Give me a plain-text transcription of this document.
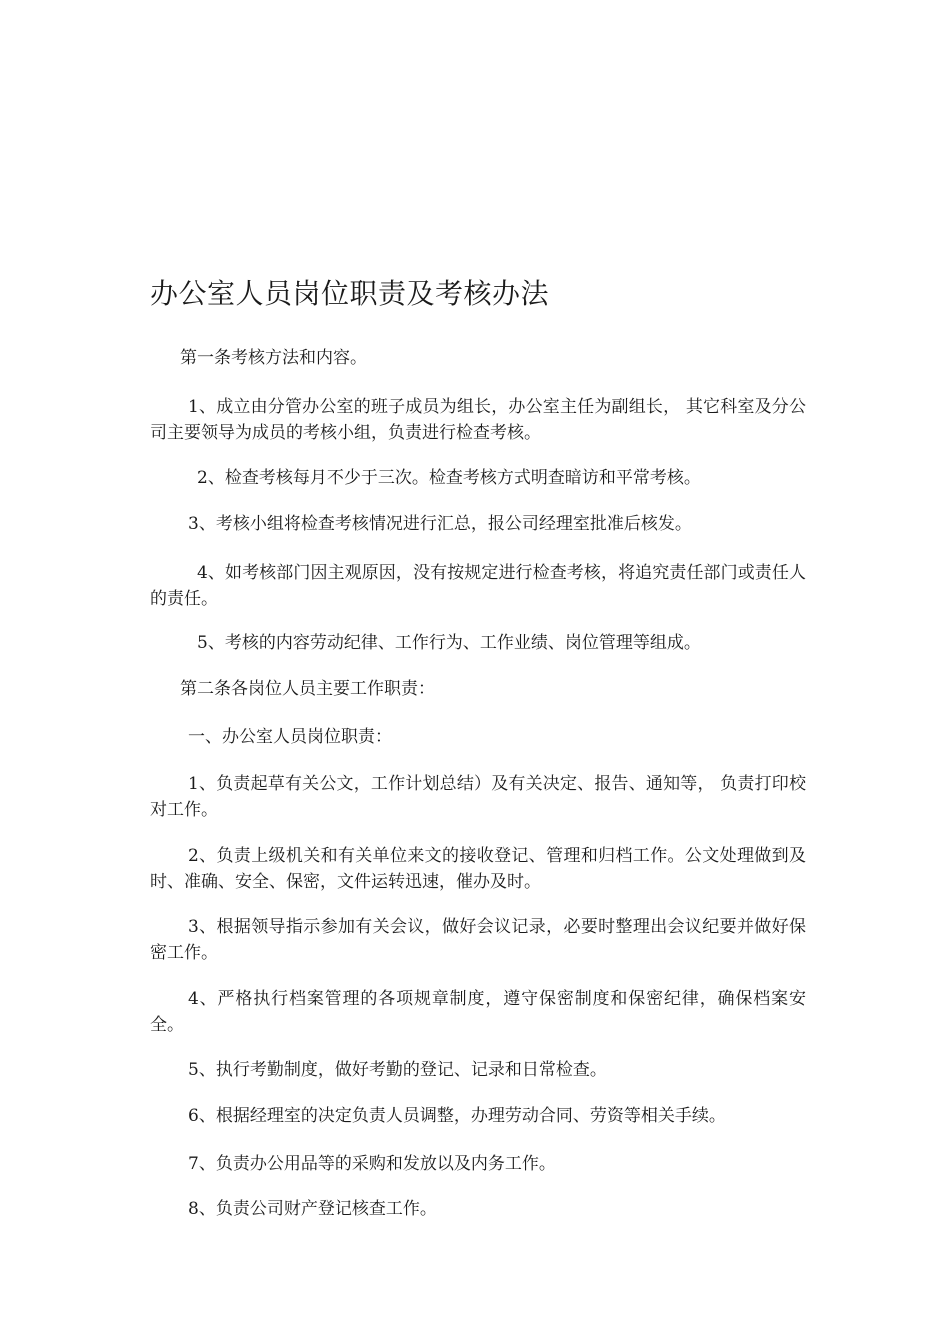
办公室人员岗位职责及考核办法

第一条考核方法和内容。

1、成立由分管办公室的班子成员为组长，办公室主任为副组长， 其它科室及分公司主要领导为成员的考核小组，负责进行检查考核。

2、检查考核每月不少于三次。检查考核方式明查暗访和平常考核。

3、考核小组将检查考核情况进行汇总，报公司经理室批准后核发。

4、如考核部门因主观原因，没有按规定进行检查考核，将追究责任部门或责任人的责任。

5、考核的内容劳动纪律、工作行为、工作业绩、岗位管理等组成。

第二条各岗位人员主要工作职责：

一、办公室人员岗位职责：

1、负责起草有关公文，工作计划总结）及有关决定、报告、通知等， 负责打印校对工作。

2、负责上级机关和有关单位来文的接收登记、管理和归档工作。公文处理做到及时、准确、安全、保密，文件运转迅速，催办及时。

3、根据领导指示参加有关会议，做好会议记录，必要时整理出会议纪要并做好保密工作。

4、严格执行档案管理的各项规章制度，遵守保密制度和保密纪律，确保档案安全。

5、执行考勤制度，做好考勤的登记、记录和日常检查。

6、根据经理室的决定负责人员调整，办理劳动合同、劳资等相关手续。

7、负责办公用品等的采购和发放以及内务工作。

8、负责公司财产登记核查工作。
